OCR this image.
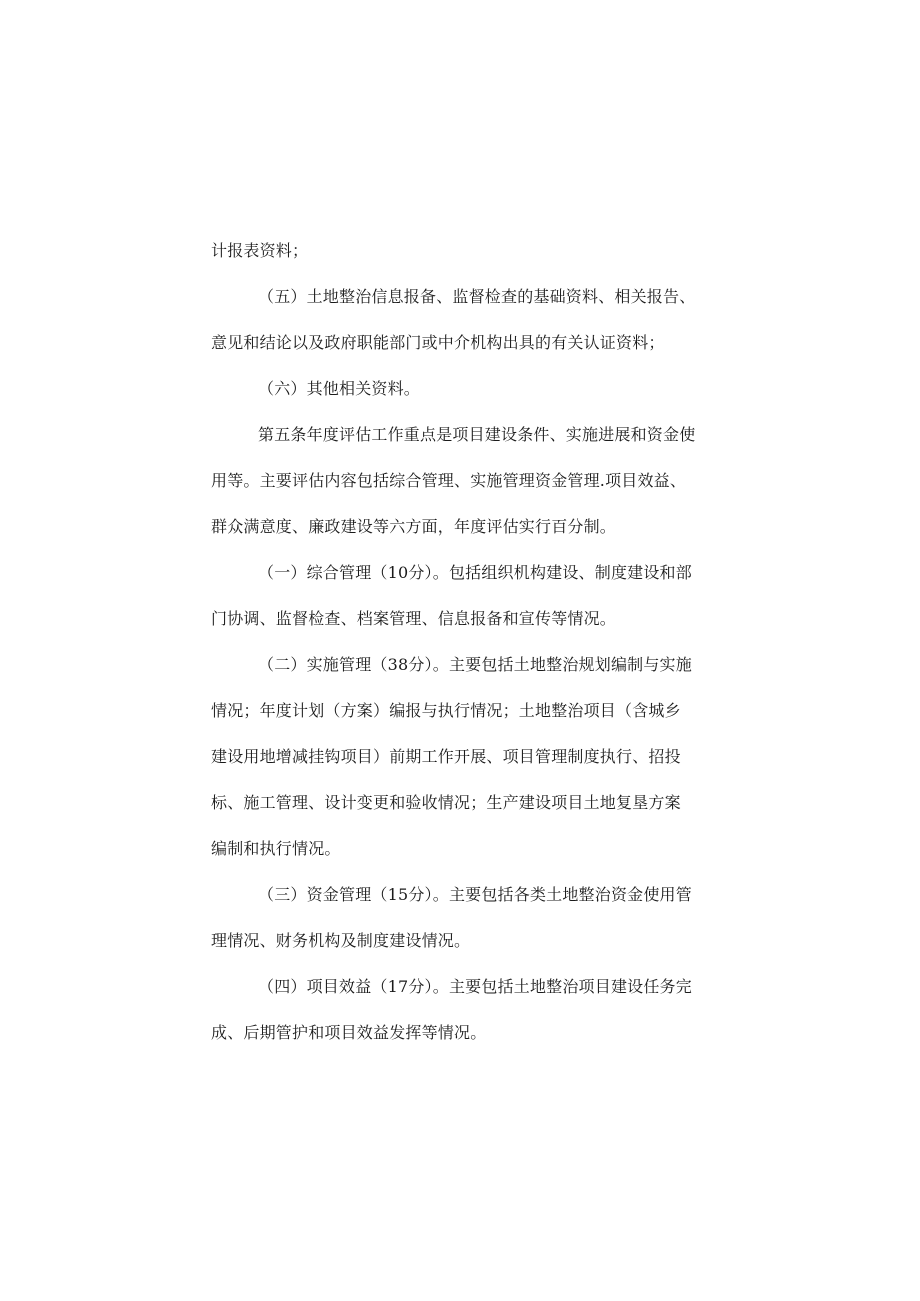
计报表资料；
（五）土地整治信息报备、监督检查的基础资料、相关报告、
意见和结论以及政府职能部门或中介机构出具的有关认证资料；
（六）其他相关资料。
第五条年度评估工作重点是项目建设条件、实施进展和资金使
用等。主要评估内容包括综合管理、实施管理资金管理.项目效益、
群众满意度、廉政建设等六方面，年度评估实行百分制。
（一）综合管理（10分）。包括组织机构建设、制度建设和部
门协调、监督检查、档案管理、信息报备和宣传等情况。
（二）实施管理（38分）。主要包括土地整治规划编制与实施
情况；年度计划（方案）编报与执行情况；土地整治项目（含城乡
建设用地增减挂钩项目）前期工作开展、项目管理制度执行、招投
标、施工管理、设计变更和验收情况；生产建设项目土地复垦方案
编制和执行情况。
（三）资金管理（15分）。主要包括各类土地整治资金使用管
理情况、财务机构及制度建设情况。
（四）项目效益（17分）。主要包括土地整治项目建设任务完
成、后期管护和项目效益发挥等情况。
